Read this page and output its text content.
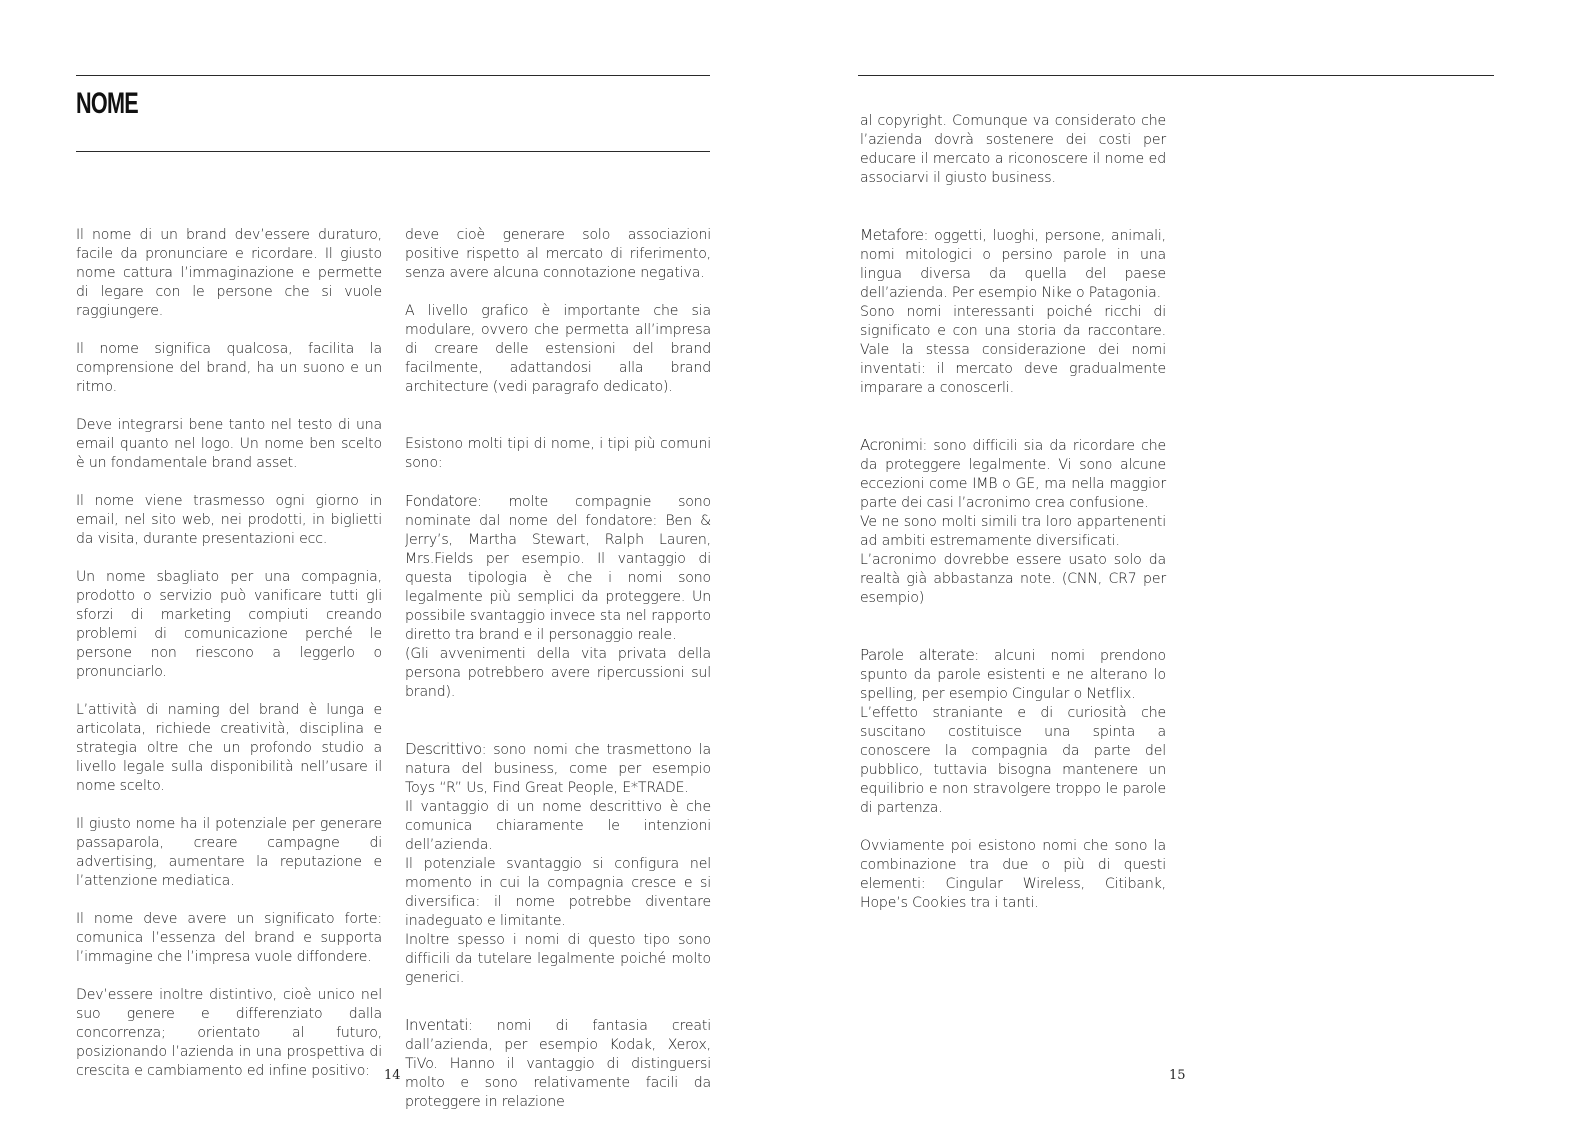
NOME

Il nome di un brand dev’essere duraturo, facile da pronunciare e ricordare. Il giusto nome cattura l’immaginazione e permette di legare con le persone che si vuole raggiungere.

Il nome significa qualcosa, facilita la comprensione del brand, ha un suono e un ritmo.

Deve integrarsi bene tanto nel testo di una email quanto nel logo. Un nome ben scelto è un fondamentale brand asset.

Il nome viene trasmesso ogni giorno in email, nel sito web, nei prodotti, in biglietti da visita, durante presentazioni ecc.

Un nome sbagliato per una compagnia, prodotto o servizio può vanificare tutti gli sforzi di marketing compiuti creando problemi di comunicazione perché le persone non riescono a leggerlo o pronunciarlo.

L’attività di naming del brand è lunga e articolata, richiede creatività, disciplina e strategia oltre che un profondo studio a livello legale sulla disponibilità nell’usare il nome scelto.

Il giusto nome ha il potenziale per generare passaparola, creare campagne di advertising, aumentare la reputazione e l’attenzione mediatica.

Il nome deve avere un significato forte: comunica l’essenza del brand e supporta l’immagine che l’impresa vuole diffondere.

Dev’essere inoltre distintivo, cioè unico nel suo genere e differenziato dalla concorrenza; orientato al futuro, posizionando l’azienda in una prospettiva di crescita e cambiamento ed infine positivo:

deve cioè generare solo associazioni positive rispetto al mercato di riferimento, senza avere alcuna connotazione negativa.

A livello grafico è importante che sia modulare, ovvero che permetta all’impresa di creare delle estensioni del brand facilmente, adattandosi alla brand architecture (vedi paragrafo dedicato).

Esistono molti tipi di nome, i tipi più comuni sono:

Fondatore: molte compagnie sono nominate dal nome del fondatore: Ben & Jerry’s, Martha Stewart, Ralph Lauren, Mrs.Fields per esempio. Il vantaggio di questa tipologia è che i nomi sono legalmente più semplici da proteggere. Un possibile svantaggio invece sta nel rapporto diretto tra brand e il personaggio reale.

(Gli avvenimenti della vita privata della persona potrebbero avere ripercussioni sul brand).

Descrittivo: sono nomi che trasmettono la natura del business, come per esempio Toys “R” Us, Find Great People, E*TRADE.

Il vantaggio di un nome descrittivo è che comunica chiaramente le intenzioni dell’azienda.

Il potenziale svantaggio si configura nel momento in cui la compagnia cresce e si diversifica: il nome potrebbe diventare inadeguato e limitante.

Inoltre spesso i nomi di questo tipo sono difficili da tutelare legalmente poiché molto generici.

Inventati: nomi di fantasia creati dall’azienda, per esempio Kodak, Xerox, TiVo. Hanno il vantaggio di distinguersi molto e sono relativamente facili da proteggere in relazione

14

al copyright. Comunque va considerato che l’azienda dovrà sostenere dei costi per educare il mercato a riconoscere il nome ed associarvi il giusto business.

Metafore: oggetti, luoghi, persone, animali, nomi mitologici o persino parole in una lingua diversa da quella del paese dell’azienda. Per esempio Nike o Patagonia.

Sono nomi interessanti poiché ricchi di significato e con una storia da raccontare. Vale la stessa considerazione dei nomi inventati: il mercato deve gradualmente imparare a conoscerli.

Acronimi: sono difficili sia da ricordare che da proteggere legalmente. Vi sono alcune eccezioni come IMB o GE, ma nella maggior parte dei casi l’acronimo crea confusione.

Ve ne sono molti simili tra loro appartenenti ad ambiti estremamente diversificati.

L’acronimo dovrebbe essere usato solo da realtà già abbastanza note. (CNN, CR7 per esempio)

Parole alterate: alcuni nomi prendono spunto da parole esistenti e ne alterano lo spelling, per esempio Cingular o Netflix.

L’effetto straniante e di curiosità che suscitano costituisce una spinta a conoscere la compagnia da parte del pubblico, tuttavia bisogna mantenere un equilibrio e non stravolgere troppo le parole di partenza.

Ovviamente poi esistono nomi che sono la combinazione tra due o più di questi elementi: Cingular Wireless, Citibank, Hope’s Cookies tra i tanti.

15
